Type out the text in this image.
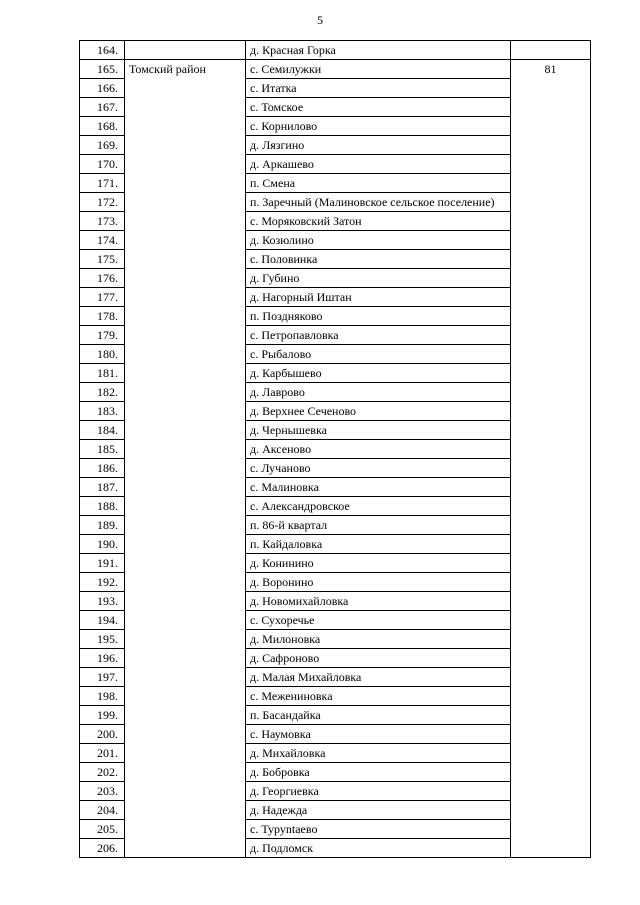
5
164.		д. Красная Горка	
165.	Томский район	с. Семилужки	81
166.		с. Итатка	
167.		с. Томское	
168.		с. Корнилово	
169.		д. Лязгино	
170.		д. Аркашево	
171.		п. Смена	
172.		п. Заречный (Малиновское сельское поселение)	
173.		с. Моряковский Затон	
174.		д. Козюлино	
175.		с. Половинка	
176.		д. Губино	
177.		д. Нагорный Иштан	
178.		п. Поздняково	
179.		с. Петропавловка	
180.		с. Рыбалово	
181.		д. Карбышево	
182.		д. Лаврово	
183.		д. Верхнее Сеченово	
184.		д. Чернышевка	
185.		д. Аксеново	
186.		с. Лучаново	
187.		с. Малиновка	
188.		с. Александровское	
189.		п. 86-й квартал	
190.		п. Кайдаловка	
191.		д. Конинино	
192.		д. Воронино	
193.		д. Новомихайловка	
194.		с. Сухоречье	
195.		д. Милоновка	
196.		д. Сафроново	
197.		д. Малая Михайловка	
198.		с. Межениновка	
199.		п. Басандайка	
200.		с. Наумовка	
201.		д. Михайловка	
202.		д. Бобровка	
203.		д. Георгиевка	
204.		д. Надежда	
205.		с. Туруntaeво	
206.		д. Подломск	
